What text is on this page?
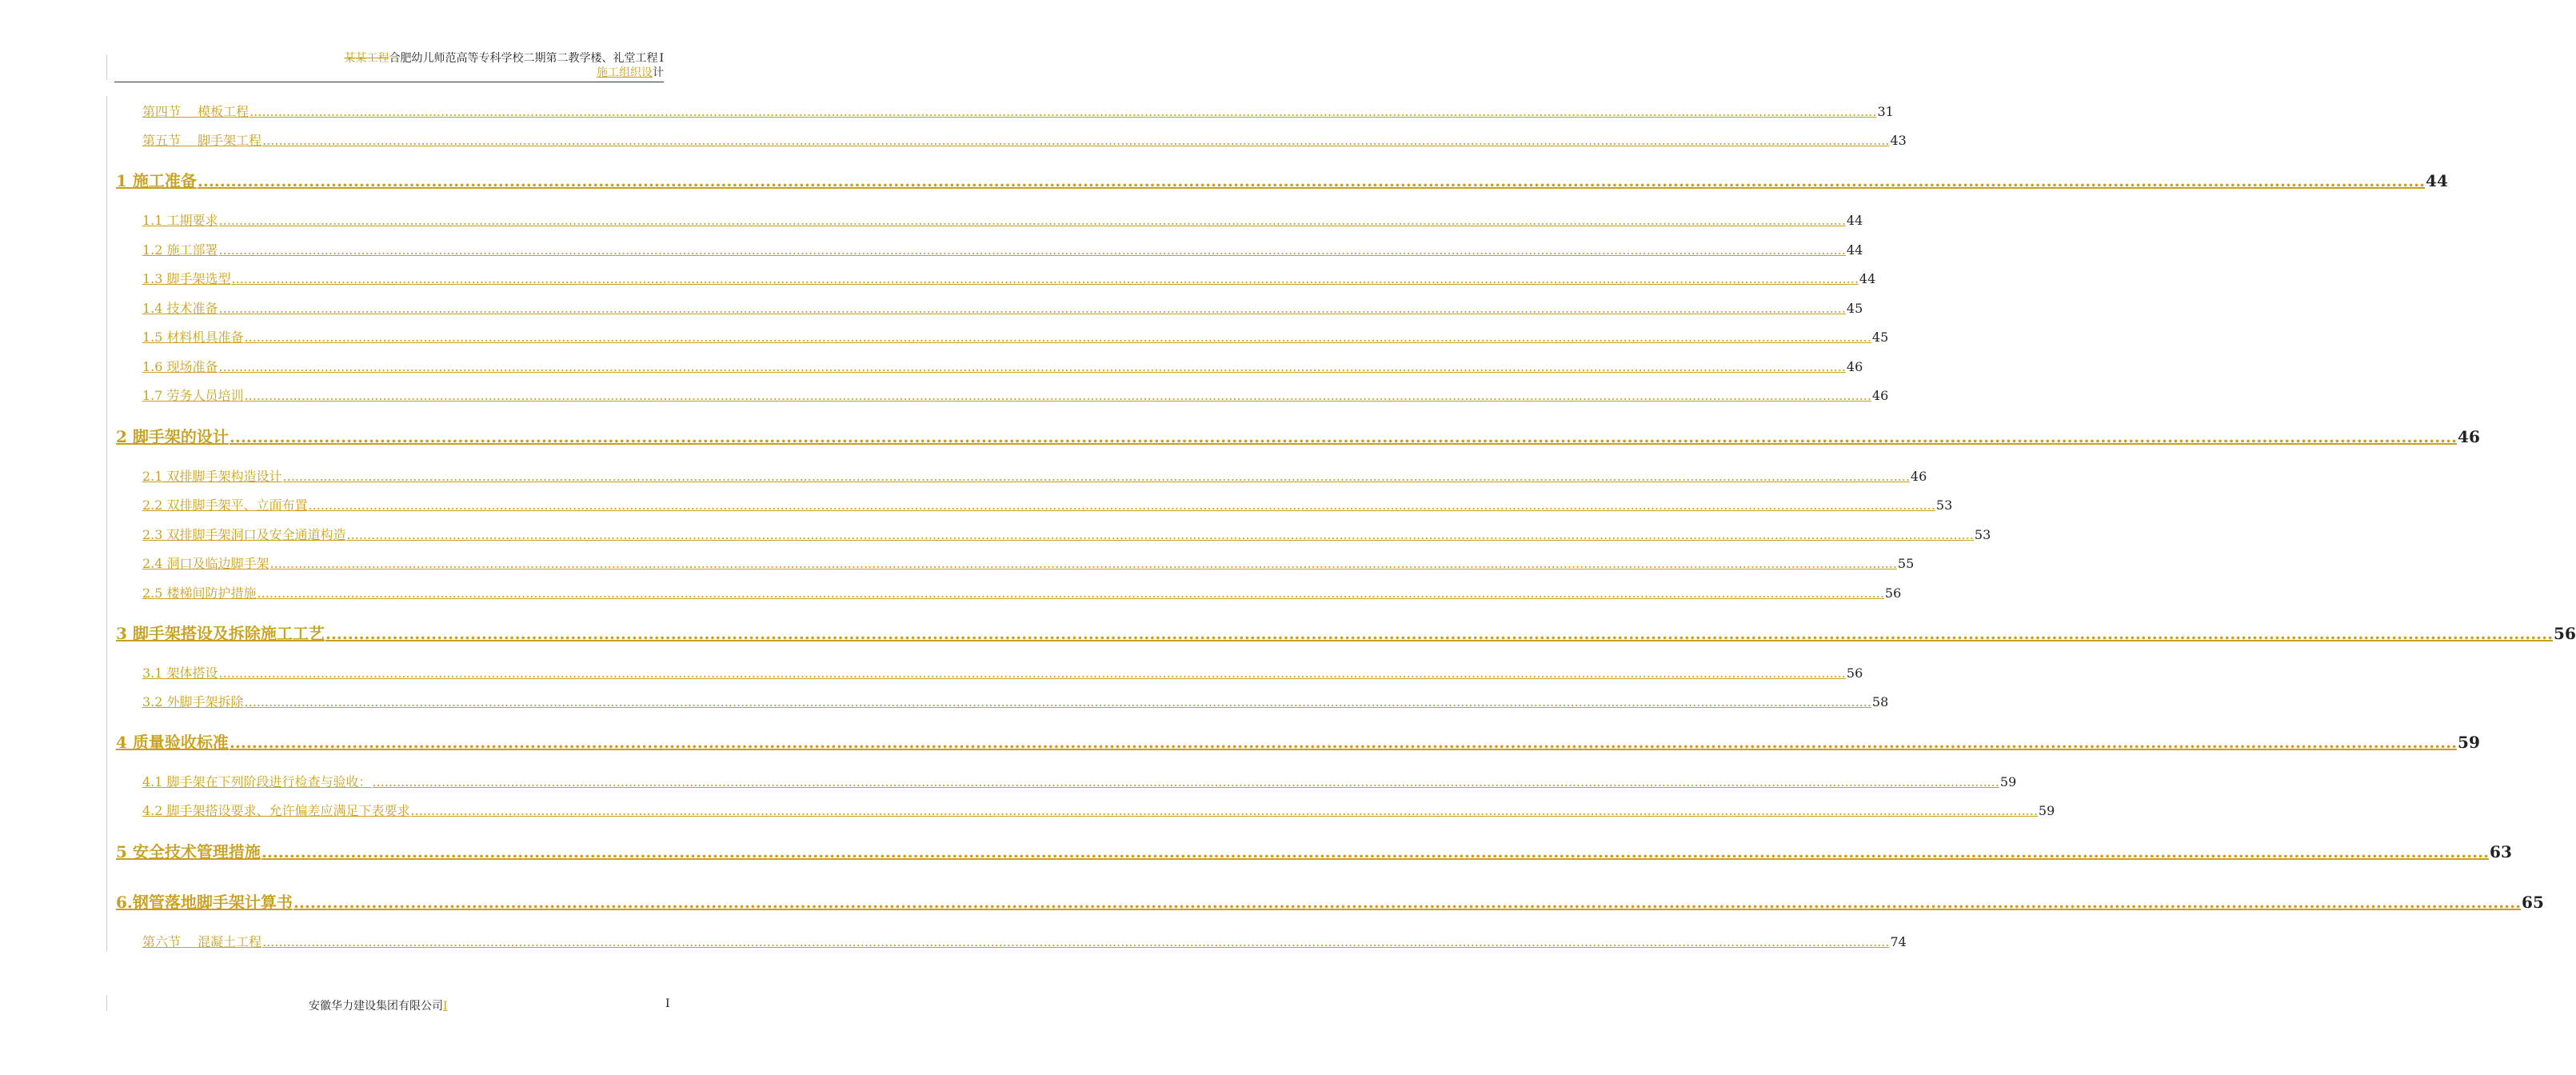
某某工程合肥幼儿师范高等专科学校二期第二教学楼、礼堂工程 I
施工组织设计
第四节　 模板工程 ................................................................................................................................................................................................................................................................................................................................................................................................................ 31
第五节　 脚手架工程 ................................................................................................................................................................................................................................................................................................................................................................................................................ 43
1 施工准备 ................................................................................................................................................................................................................................................................................................................................................................................................................ 44
1.1 工期要求 ................................................................................................................................................................................................................................................................................................................................................................................................................ 44
1.2 施工部署 ................................................................................................................................................................................................................................................................................................................................................................................................................ 44
1.3 脚手架选型 ................................................................................................................................................................................................................................................................................................................................................................................................................ 44
1.4 技术准备 ................................................................................................................................................................................................................................................................................................................................................................................................................ 45
1.5 材料机具准备 ................................................................................................................................................................................................................................................................................................................................................................................................................ 45
1.6 现场准备 ................................................................................................................................................................................................................................................................................................................................................................................................................ 46
1.7 劳务人员培训 ................................................................................................................................................................................................................................................................................................................................................................................................................ 46
2 脚手架的设计 ................................................................................................................................................................................................................................................................................................................................................................................................................ 46
2.1 双排脚手架构造设计 ................................................................................................................................................................................................................................................................................................................................................................................................................ 46
2.2 双排脚手架平、立面布置 ................................................................................................................................................................................................................................................................................................................................................................................................................ 53
2.3 双排脚手架洞口及安全通道构造 ................................................................................................................................................................................................................................................................................................................................................................................................................ 53
2.4 洞口及临边脚手架 ................................................................................................................................................................................................................................................................................................................................................................................................................ 55
2.5 楼梯间防护措施 ................................................................................................................................................................................................................................................................................................................................................................................................................ 56
3 脚手架搭设及拆除施工工艺 ................................................................................................................................................................................................................................................................................................................................................................................................................ 56
3.1 架体搭设 ................................................................................................................................................................................................................................................................................................................................................................................................................ 56
3.2 外脚手架拆除 ................................................................................................................................................................................................................................................................................................................................................................................................................ 58
4 质量验收标准 ................................................................................................................................................................................................................................................................................................................................................................................................................ 59
4.1 脚手架在下列阶段进行检查与验收： ................................................................................................................................................................................................................................................................................................................................................................................................................ 59
4.2 脚手架搭设要求、允许偏差应满足下表要求 ................................................................................................................................................................................................................................................................................................................................................................................................................ 59
5 安全技术管理措施 ................................................................................................................................................................................................................................................................................................................................................................................................................ 63
6.钢管落地脚手架计算书 ................................................................................................................................................................................................................................................................................................................................................................................................................ 65
第六节　 混凝土工程 ................................................................................................................................................................................................................................................................................................................................................................................................................ 74
安徽华力建设集团有限公司I	I
